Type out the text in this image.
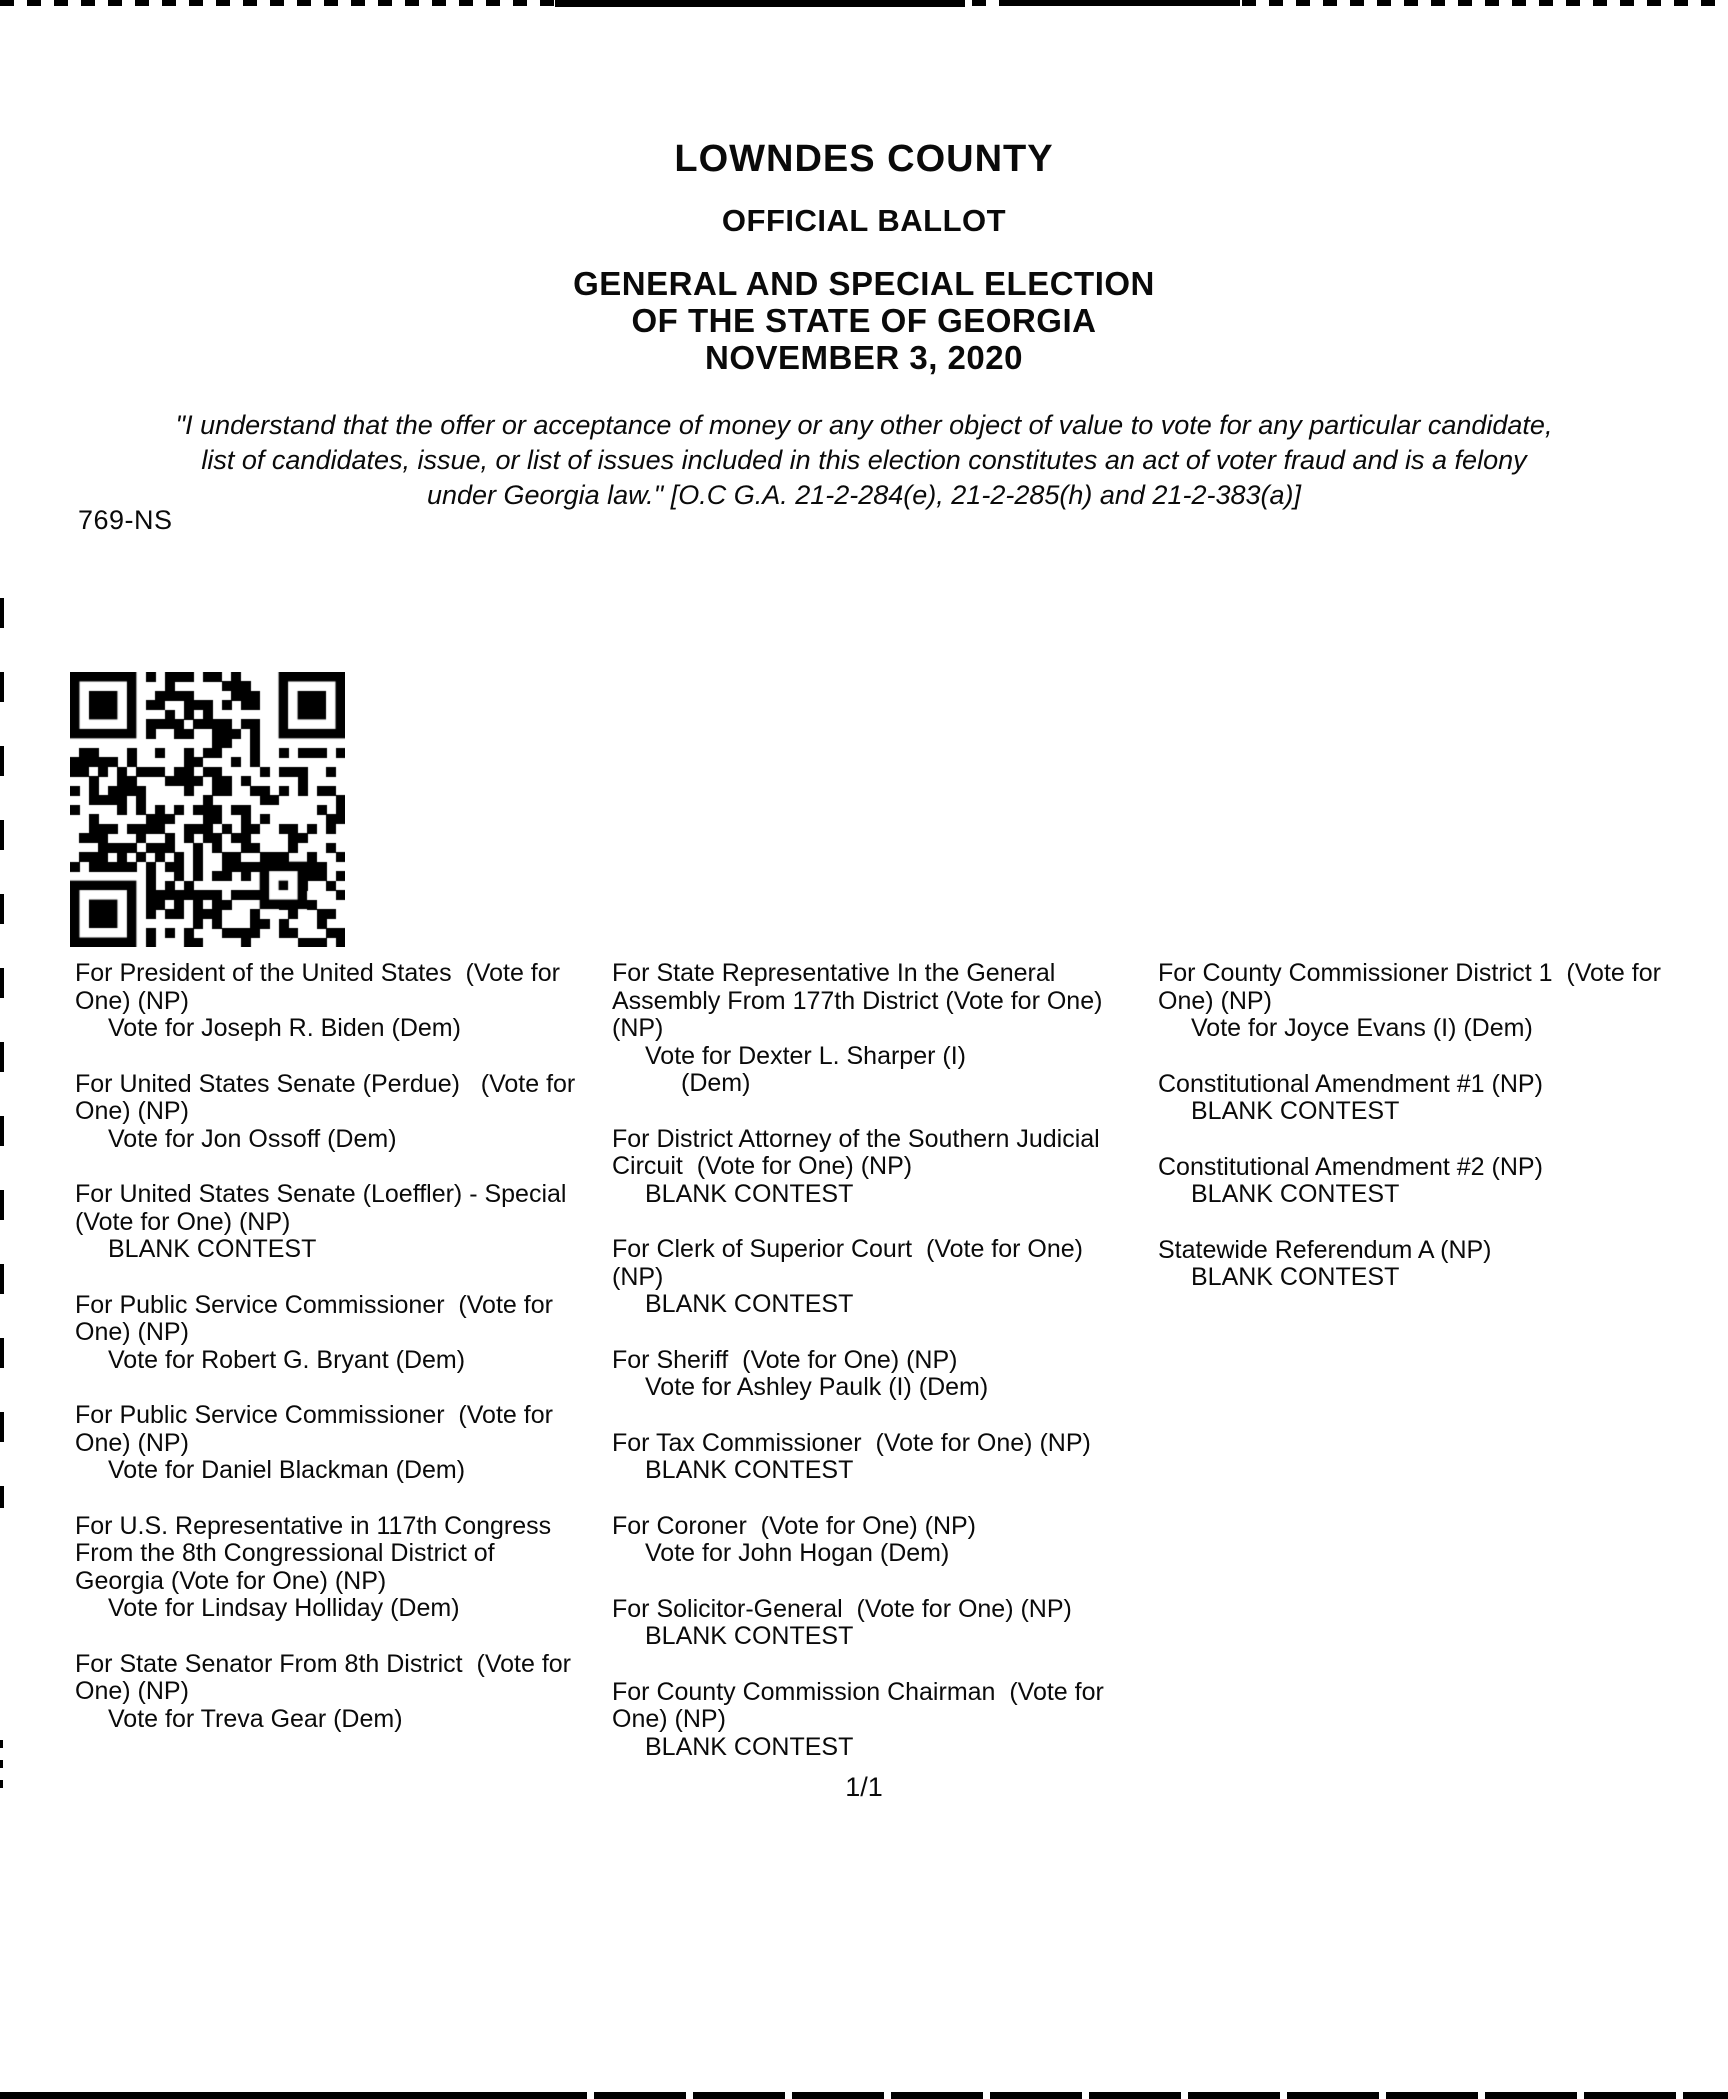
LOWNDES COUNTY
OFFICIAL BALLOT
GENERAL AND SPECIAL ELECTION
OF THE STATE OF GEORGIA
NOVEMBER 3, 2020
"I understand that the offer or acceptance of money or any other object of value to vote for any particular candidate,
list of candidates, issue, or list of issues included in this election constitutes an act of voter fraud and is a felony
under Georgia law." [O.C G.A. 21-2-284(e), 21-2-285(h) and 21-2-383(a)]
769-NS
For President of the United States  (Vote for One) (NP)
Vote for Joseph R. Biden (Dem)
For United States Senate (Perdue)   (Vote for One) (NP)
Vote for Jon Ossoff (Dem)
For United States Senate (Loeffler) - Special  (Vote for One) (NP)
BLANK CONTEST
For Public Service Commissioner  (Vote for One) (NP)
Vote for Robert G. Bryant (Dem)
For Public Service Commissioner  (Vote for One) (NP)
Vote for Daniel Blackman (Dem)
For U.S. Representative in 117th Congress From the 8th Congressional District of Georgia (Vote for One) (NP)
Vote for Lindsay Holliday (Dem)
For State Senator From 8th District  (Vote for One) (NP)
Vote for Treva Gear (Dem)
For State Representative In the General Assembly From 177th District (Vote for One) (NP)
Vote for Dexter L. Sharper (I)
(Dem)
For District Attorney of the Southern Judicial Circuit  (Vote for One) (NP)
BLANK CONTEST
For Clerk of Superior Court  (Vote for One) (NP)
BLANK CONTEST
For Sheriff  (Vote for One) (NP)
Vote for Ashley Paulk (I) (Dem)
For Tax Commissioner  (Vote for One) (NP)
BLANK CONTEST
For Coroner  (Vote for One) (NP)
Vote for John Hogan (Dem)
For Solicitor-General  (Vote for One) (NP)
BLANK CONTEST
For County Commission Chairman  (Vote for One) (NP)
BLANK CONTEST
For County Commissioner District 1  (Vote for One) (NP)
Vote for Joyce Evans (I) (Dem)
Constitutional Amendment #1 (NP)
BLANK CONTEST
Constitutional Amendment #2 (NP)
BLANK CONTEST
Statewide Referendum A (NP)
BLANK CONTEST
1/1
